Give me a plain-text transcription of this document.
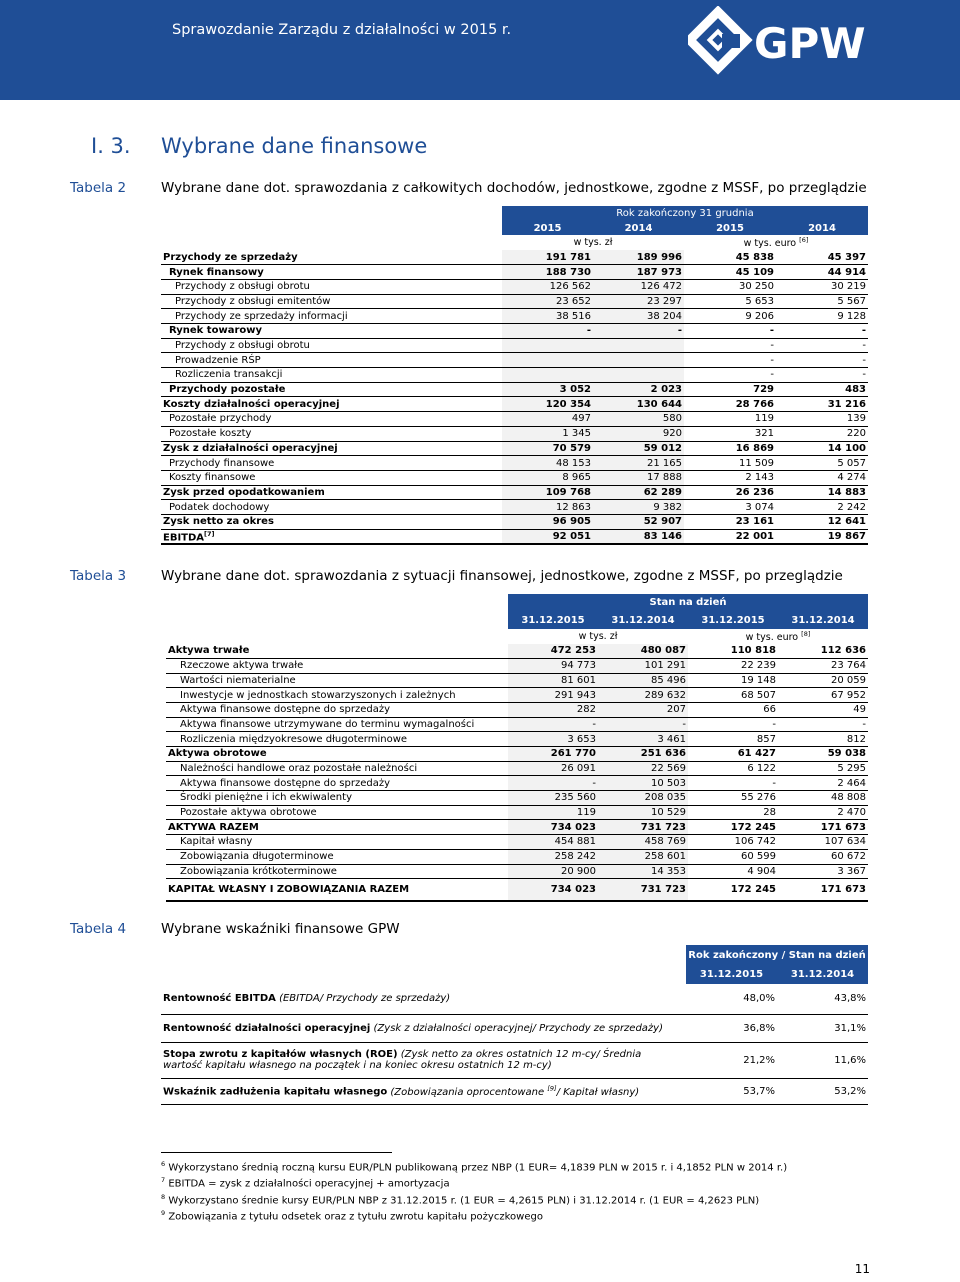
Sprawozdanie Zarządu z działalności w 2015 r.	GPW
I. 3. Wybrane dane finansowe
Tabela 2	Wybrane dane dot. sprawozdania z całkowitych dochodów, jednostkowe, zgodne z MSSF, po przeglądzie
	Rok zakończony 31 grudnia			
	2015	2014	2015	2014
	w tys. zł		w tys. euro [6]
Przychody ze sprzedaży	191 781	189 996	45 838	45 397
Rynek finansowy	188 730	187 973	45 109	44 914
Przychody z obsługi obrotu	126 562	126 472	30 250	30 219
Przychody z obsługi emitentów	23 652	23 297	5 653	5 567
Przychody ze sprzedaży informacji	38 516	38 204	9 206	9 128
Rynek towarowy	-	-	-	-
Przychody z obsługi obrotu			-	-
Prowadzenie RŚP			-	-
Rozliczenia transakcji			-	-
Przychody pozostałe	3 052	2 023	729	483
Koszty działalności operacyjnej	120 354	130 644	28 766	31 216
Pozostałe przychody	497	580	119	139
Pozostałe koszty	1 345	920	321	220
Zysk z działalności operacyjnej	70 579	59 012	16 869	14 100
Przychody finansowe	48 153	21 165	11 509	5 057
Koszty finansowe	8 965	17 888	2 143	4 274
Zysk przed opodatkowaniem	109 768	62 289	26 236	14 883
Podatek dochodowy	12 863	9 382	3 074	2 242
Zysk netto za okres	96 905	52 907	23 161	12 641
EBITDA[7]	92 051	83 146	22 001	19 867
Tabela 3	Wybrane dane dot. sprawozdania z sytuacji finansowej, jednostkowe, zgodne z MSSF, po przeglądzie
	Stan na dzień			
	31.12.2015	31.12.2014	31.12.2015	31.12.2014
	w tys. zł		w tys. euro [8]
Aktywa trwałe	472 253	480 087	110 818	112 636
Rzeczowe aktywa trwałe	94 773	101 291	22 239	23 764
Wartości niematerialne	81 601	85 496	19 148	20 059
Inwestycje w jednostkach stowarzyszonych i zależnych	291 943	289 632	68 507	67 952
Aktywa finansowe dostępne do sprzedaży	282	207	66	49
Aktywa finansowe utrzymywane do terminu wymagalności	-	-	-	-
Rozliczenia międzyokresowe długoterminowe	3 653	3 461	857	812
Aktywa obrotowe	261 770	251 636	61 427	59 038
Należności handlowe oraz pozostałe należności	26 091	22 569	6 122	5 295
Aktywa finansowe dostępne do sprzedaży	-	10 503	-	2 464
Środki pieniężne i ich ekwiwalenty	235 560	208 035	55 276	48 808
Pozostałe aktywa obrotowe	119	10 529	28	2 470
AKTYWA RAZEM	734 023	731 723	172 245	171 673
Kapitał własny	454 881	458 769	106 742	107 634
Zobowiązania długoterminowe	258 242	258 601	60 599	60 672
Zobowiązania krótkoterminowe	20 900	14 353	4 904	3 367
KAPITAŁ WŁASNY I ZOBOWIĄZANIA RAZEM	734 023	731 723	172 245	171 673
Tabela 4	Wybrane wskaźniki finansowe GPW
	Rok zakończony / Stan na dzień	
	31.12.2015	31.12.2014
Rentowność EBITDA (EBITDA/ Przychody ze sprzedaży)	48,0%	43,8%
Rentowność działalności operacyjnej (Zysk z działalności operacyjnej/ Przychody ze sprzedaży)	36,8%	31,1%
Stopa zwrotu z kapitałów własnych (ROE) (Zysk netto za okres ostatnich 12 m-cy/ Średnia wartość kapitału własnego na początek i na koniec okresu ostatnich 12 m-cy)	21,2%	11,6%
Wskaźnik zadłużenia kapitału własnego (Zobowiązania oprocentowane [9]/ Kapitał własny)	53,7%	53,2%
$^6$ Wykorzystano średnią roczną kursu EUR/PLN publikowaną przez NBP (1 EUR= 4,1839 PLN w 2015 r. i 4,1852 PLN w 2014 r.)
$^7$ EBITDA = zysk z działalności operacyjnej + amortyzacja
$^8$ Wykorzystano średnie kursy EUR/PLN NBP z 31.12.2015 r. (1 EUR = 4,2615 PLN) i 31.12.2014 r. (1 EUR = 4,2623 PLN)
$^9$ Zobowiązania z tytułu odsetek oraz z tytułu zwrotu kapitału pożyczkowego
11
